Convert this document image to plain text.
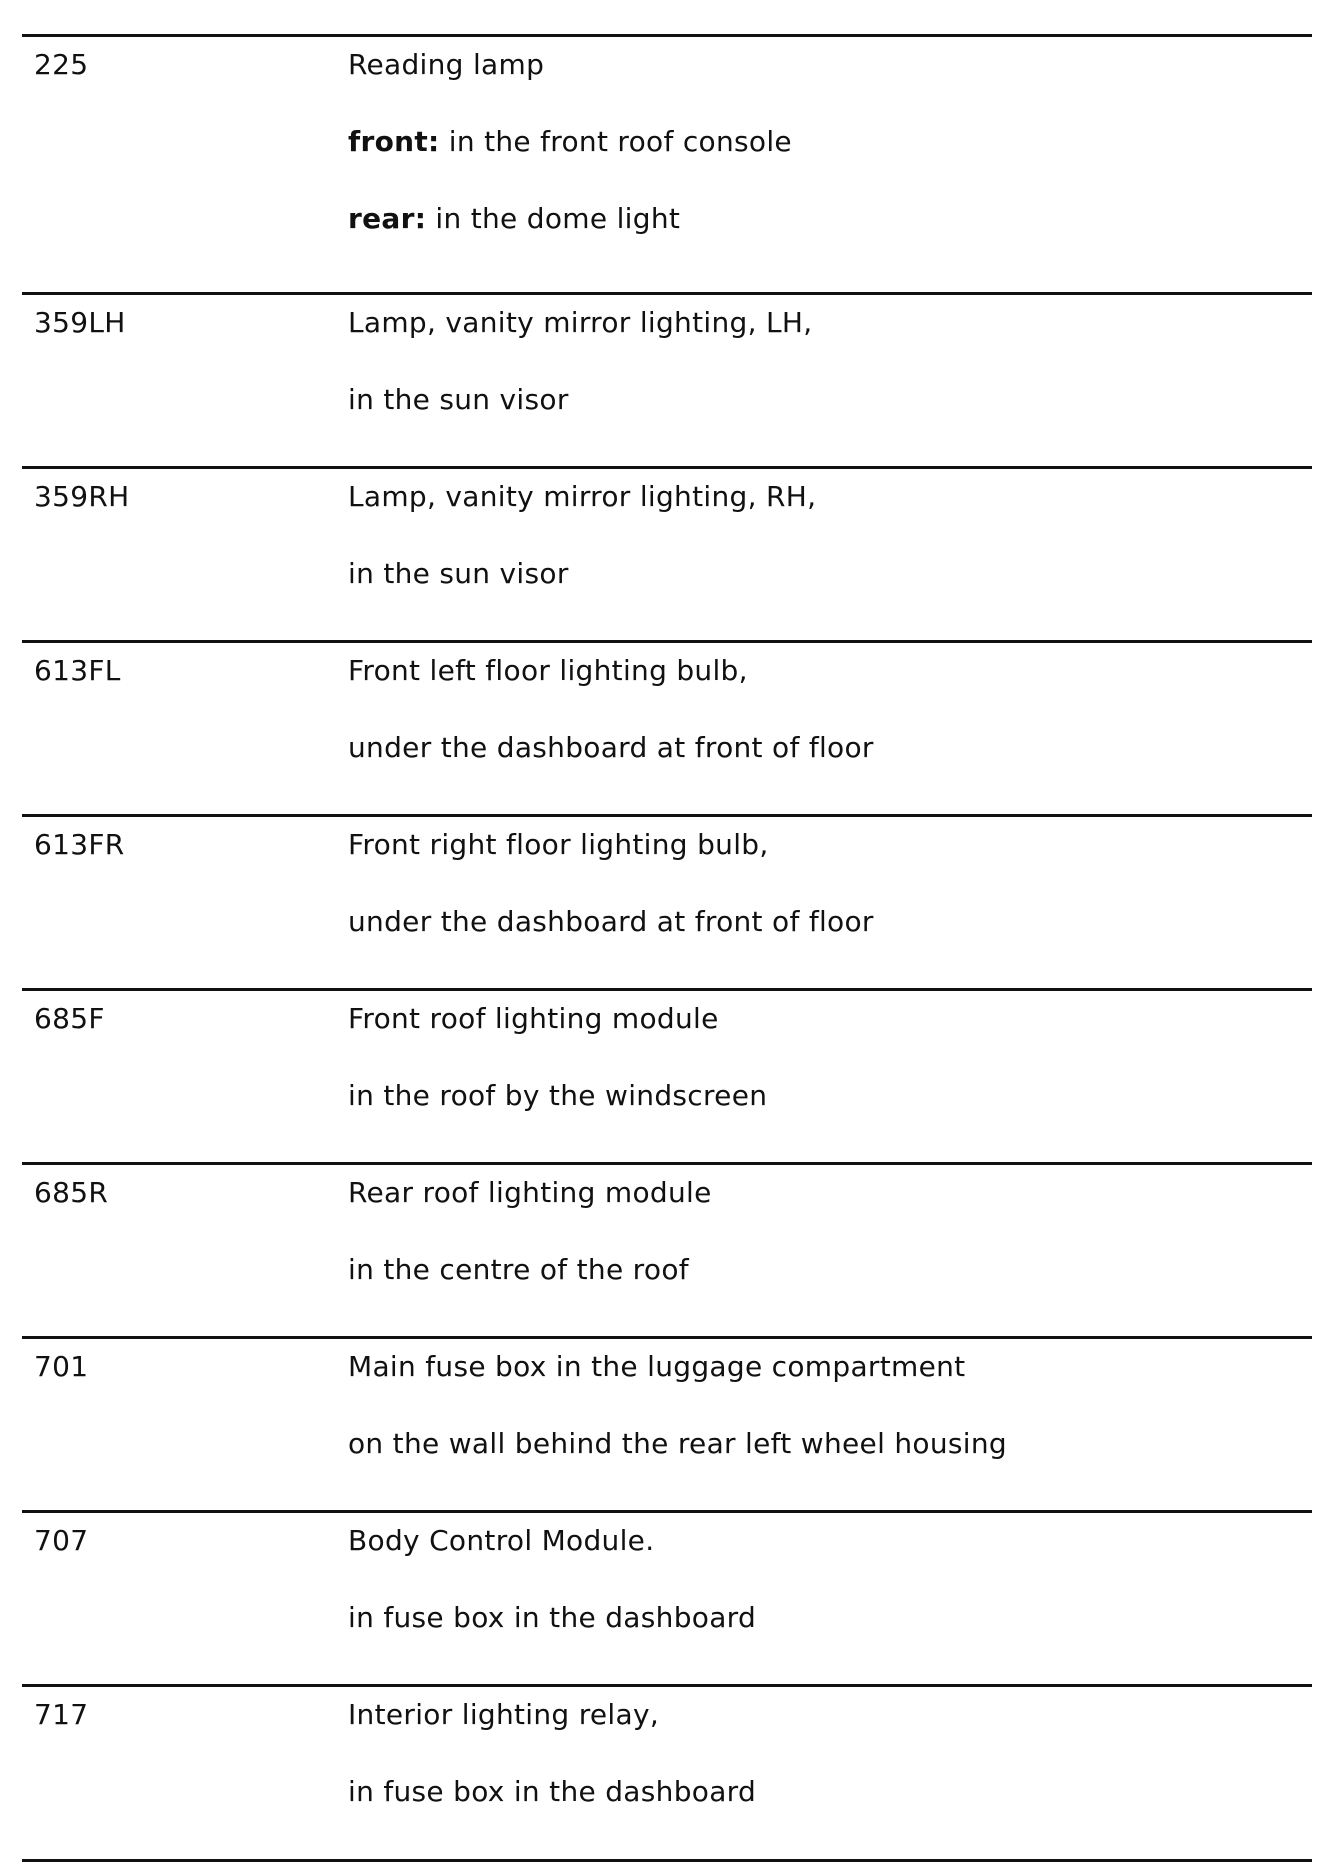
225	Reading lamp
front: in the front roof console
rear: in the dome light
359LH	Lamp, vanity mirror lighting, LH,
in the sun visor
359RH	Lamp, vanity mirror lighting, RH,
in the sun visor
613FL	Front left floor lighting bulb,
under the dashboard at front of floor
613FR	Front right floor lighting bulb,
under the dashboard at front of floor
685F	Front roof lighting module
in the roof by the windscreen
685R	Rear roof lighting module
in the centre of the roof
701	Main fuse box in the luggage compartment
on the wall behind the rear left wheel housing
707	Body Control Module.
in fuse box in the dashboard
717	Interior lighting relay,
in fuse box in the dashboard
